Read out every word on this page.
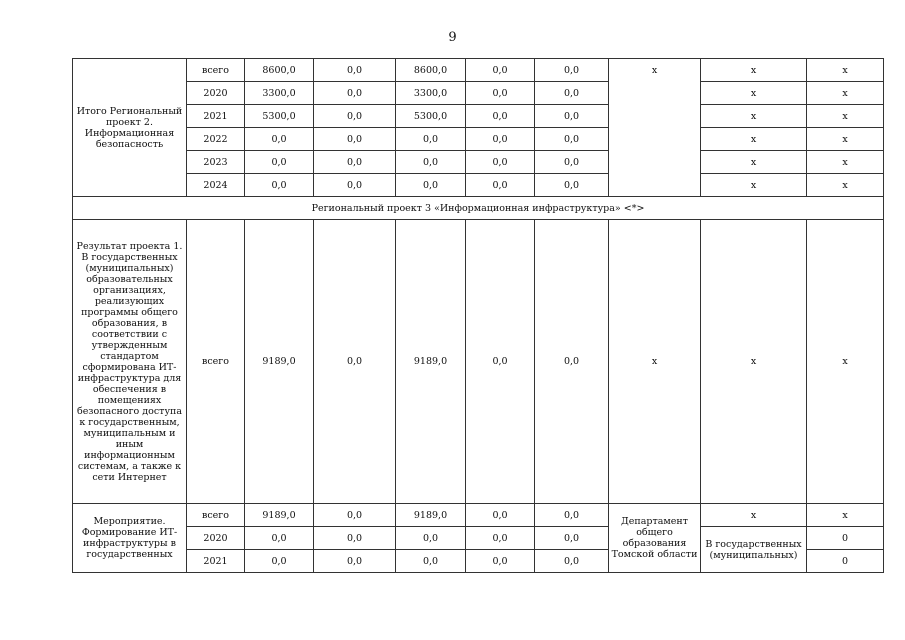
9
Итого Региональный проект 2. Информационная безопасность	всего	8600,0	0,0	8600,0	0,0	0,0	x	x	x
	2020	3300,0	0,0	3300,0	0,0	0,0		x	x
	2021	5300,0	0,0	5300,0	0,0	0,0		x	x
	2022	0,0	0,0	0,0	0,0	0,0		x	x
	2023	0,0	0,0	0,0	0,0	0,0		x	x
	2024	0,0	0,0	0,0	0,0	0,0		x	x
Региональный проект 3 «Информационная инфраструктура» <*>									
Результат проекта 1. В государственных (муниципальных) образовательных организациях, реализующих программы общего образования, в соответствии с утвержденным стандартом сформирована ИТ-инфраструктура для обеспечения в помещениях безопасного доступа к государственным, муниципальным и иным информационным системам, а также к сети Интернет	всего	9189,0	0,0	9189,0	0,0	0,0	x	x	x
Мероприятие. Формирование ИТ-инфраструктуры в государственных	всего	9189,0	0,0	9189,0	0,0	0,0	Департамент общего образования Томской области	x	x
	2020	0,0	0,0	0,0	0,0	0,0		В государственных (муниципальных)	0
	2021	0,0	0,0	0,0	0,0	0,0			0
